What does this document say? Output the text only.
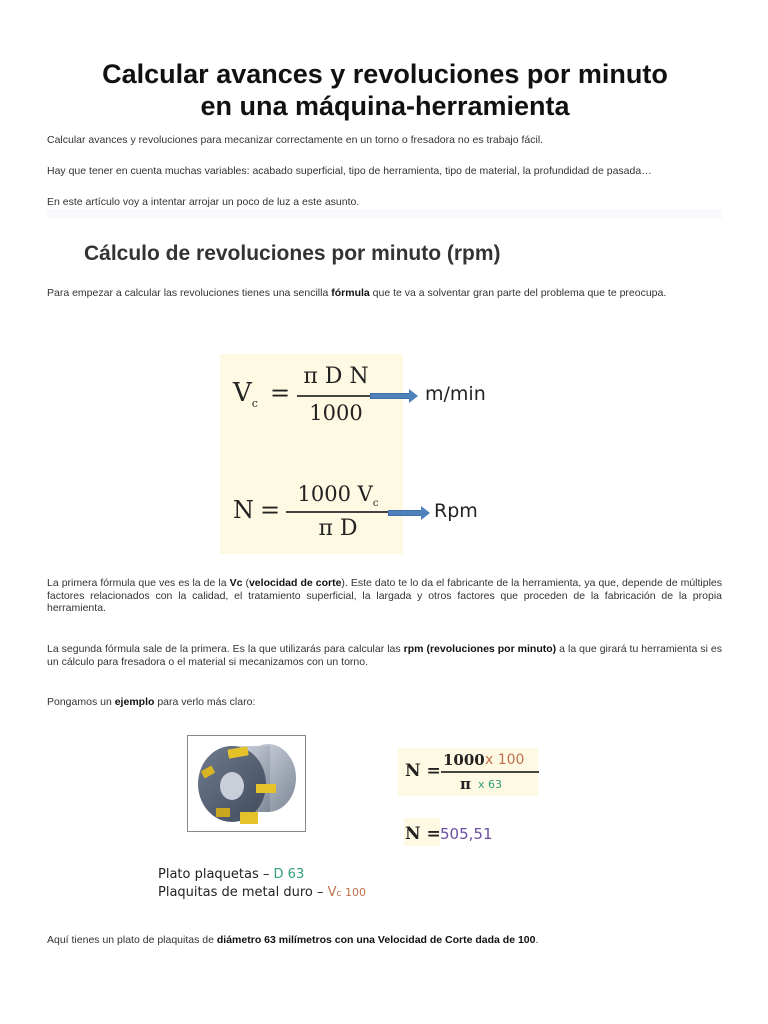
Calcular avances y revoluciones por minuto
en una máquina-herramienta
Calcular avances y revoluciones para mecanizar correctamente en un torno o fresadora no es trabajo fácil.
Hay que tener en cuenta muchas variables: acabado superficial, tipo de herramienta, tipo de material, la profundidad de pasada…
En este artículo voy a intentar arrojar un poco de luz a este asunto.
Cálculo de revoluciones por minuto (rpm)
Para empezar a calcular las revoluciones tienes una sencilla fórmula que te va a solventar gran parte del problema que te preocupa.
$V_c$ =
π D N
1000
m/min
N =
1000 $V_c$
π D
Rpm
La primera fórmula que ves es la de la Vc (velocidad de corte). Este dato te lo da el fabricante de la herramienta, ya que, depende de múltiples factores relacionados con la calidad, el tratamiento superficial, la largada y otros factores que proceden de la fabricación de la propia herramienta.
La segunda fórmula sale de la primera. Es la que utilizarás para calcular las rpm (revoluciones por minuto) a la que girará tu herramienta si es un cálculo para fresadora o el material si mecanizamos con un torno.
Pongamos un ejemplo para verlo más claro:
N =
1000 x 100
π x 63
N = 505,51
Plato plaquetas – D 63
Plaquitas de metal duro – Vc 100
Aquí tienes un plato de plaquitas de diámetro 63 milímetros con una Velocidad de Corte dada de 100.
